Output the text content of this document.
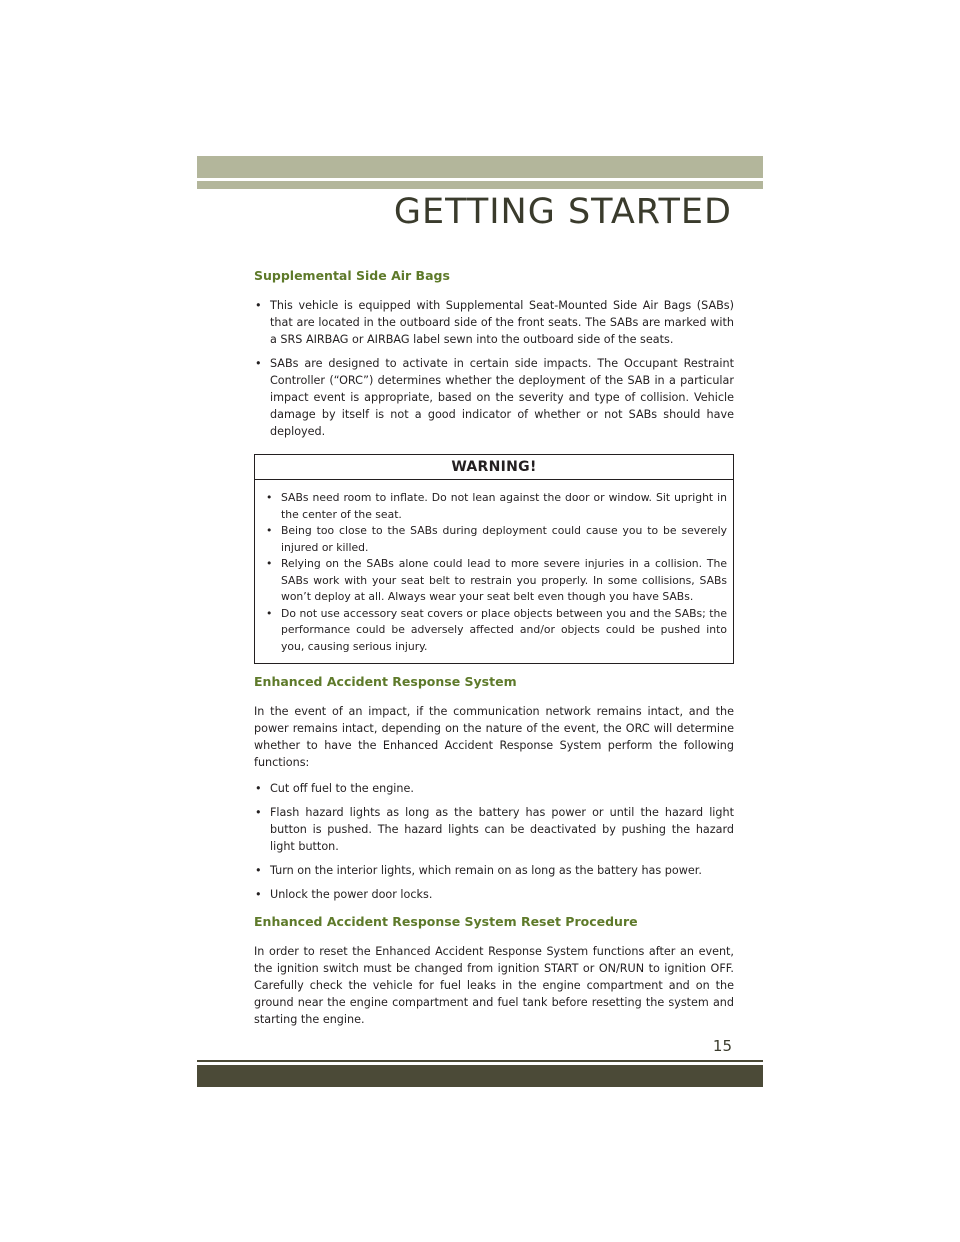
GETTING STARTED
Supplemental Side Air Bags
• This vehicle is equipped with Supplemental Seat-Mounted Side Air Bags (SABs) that are located in the outboard side of the front seats. The SABs are marked with a SRS AIRBAG or AIRBAG label sewn into the outboard side of the seats.
• SABs are designed to activate in certain side impacts. The Occupant Restraint Controller (“ORC”) determines whether the deployment of the SAB in a particular impact event is appropriate, based on the severity and type of collision. Vehicle damage by itself is not a good indicator of whether or not SABs should have deployed.
WARNING!
• SABs need room to inflate. Do not lean against the door or window. Sit upright in the center of the seat.
• Being too close to the SABs during deployment could cause you to be severely injured or killed.
• Relying on the SABs alone could lead to more severe injuries in a collision. The SABs work with your seat belt to restrain you properly. In some collisions, SABs won’t deploy at all. Always wear your seat belt even though you have SABs.
• Do not use accessory seat covers or place objects between you and the SABs; the performance could be adversely affected and/or objects could be pushed into you, causing serious injury.
Enhanced Accident Response System

In the event of an impact, if the communication network remains intact, and the power remains intact, depending on the nature of the event, the ORC will determine whether to have the Enhanced Accident Response System perform the following functions:

• Cut off fuel to the engine.
• Flash hazard lights as long as the battery has power or until the hazard light button is pushed. The hazard lights can be deactivated by pushing the hazard light button.
• Turn on the interior lights, which remain on as long as the battery has power.
• Unlock the power door locks.
Enhanced Accident Response System Reset Procedure

In order to reset the Enhanced Accident Response System functions after an event, the ignition switch must be changed from ignition START or ON/RUN to ignition OFF. Carefully check the vehicle for fuel leaks in the engine compartment and on the ground near the engine compartment and fuel tank before resetting the system and starting the engine.

15
